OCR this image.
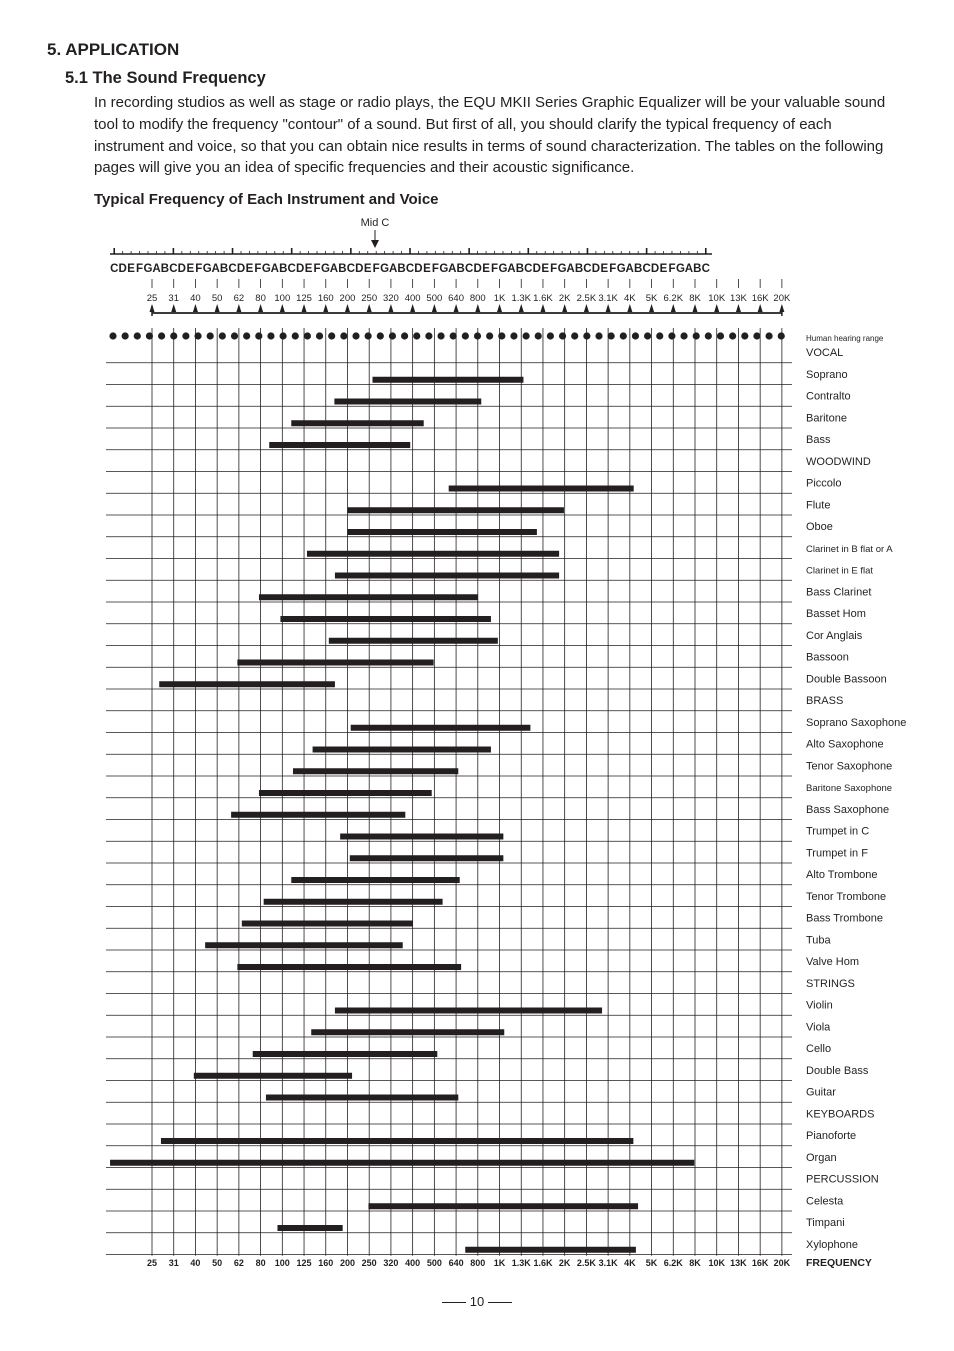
5. APPLICATION
5.1 The Sound Frequency

In recording studios as well as stage or radio plays, the EQU MKII Series Graphic Equalizer will be your valuable sound tool to modify the frequency "contour" of a sound. But first of all, you should clarify the typical frequency of each instrument and voice, so that you can obtain nice results in terms of sound characterization. The tables on the following pages will give you an idea of specific frequencies and their acoustic significance.

Typical Frequency of Each Instrument and Voice
C D E F G A B C D E F G A B C D E F G A B C D E F G A B C D E F G A B C D E F G A B C D E F G A B C D E F G A B C D E F G A B C D E F G A B C
Mid C
25 31 40 50 62 80 100 125 160 200 250 320 400 500 640 800 1K 1.3K 1.6K 2K 2.5K 3.1K 4K 5K 6.2K 8K 10K 13K 16K 20K
Human hearing range
VOCAL
Soprano
Contralto
Baritone
Bass
WOODWIND
Piccolo
Flute
Oboe
Clarinet in B flat or A
Clarinet in E flat
Bass Clarinet
Basset Hom
Cor Anglais
Bassoon
Double Bassoon
BRASS
Soprano Saxophone
Alto Saxophone
Tenor Saxophone
Baritone Saxophone
Bass Saxophone
Trumpet in C
Trumpet in F
Alto Trombone
Tenor Trombone
Bass Trombone
Tuba
Valve Hom
STRINGS
Violin
Viola
Cello
Double Bass
Guitar
KEYBOARDS
Pianoforte
Organ
PERCUSSION
Celesta
Timpani
Xylophone
25 31 40 50 62 80 100 125 160 200 250 320 400 500 640 800 1K 1.3K 1.6K 2K 2.5K 3.1K 4K 5K 6.2K 8K 10K 13K 16K 20K FREQUENCY
10
